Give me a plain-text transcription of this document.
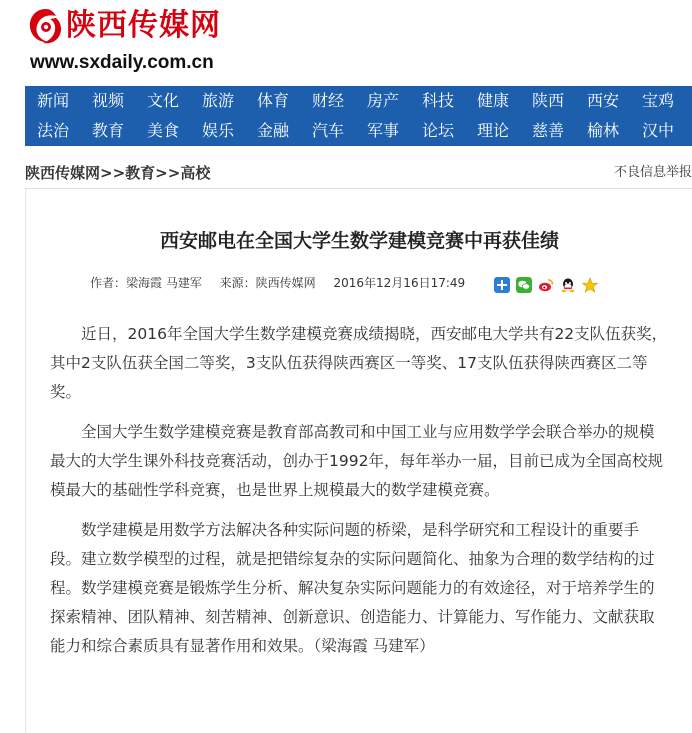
陕西传媒网
www.sxdaily.com.cn
新闻	视频	文化	旅游	体育	财经	房产	科技	健康	陕西	西安	宝鸡
法治	教育	美食	娱乐	金融	汽车	军事	论坛	理论	慈善	榆林	汉中
陕西传媒网>>教育>>高校	不良信息举报
西安邮电在全国大学生数学建模竞赛中再获佳绩
作者：梁海霞 马建军 来源：陕西传媒网 2016年12月16日17:49

近日，2016年全国大学生数学建模竞赛成绩揭晓，西安邮电大学共有22支队伍获奖，其中2支队伍获全国二等奖，3支队伍获得陕西赛区一等奖、17支队伍获得陕西赛区二等奖。

全国大学生数学建模竞赛是教育部高教司和中国工业与应用数学学会联合举办的规模最大的大学生课外科技竞赛活动，创办于1992年，每年举办一届，目前已成为全国高校规模最大的基础性学科竞赛，也是世界上规模最大的数学建模竞赛。

数学建模是用数学方法解决各种实际问题的桥梁，是科学研究和工程设计的重要手段。建立数学模型的过程，就是把错综复杂的实际问题简化、抽象为合理的数学结构的过程。数学建模竞赛是锻炼学生分析、解决复杂实际问题能力的有效途径，对于培养学生的探索精神、团队精神、刻苦精神、创新意识、创造能力、计算能力、写作能力、文献获取能力和综合素质具有显著作用和效果。（梁海霞 马建军）
